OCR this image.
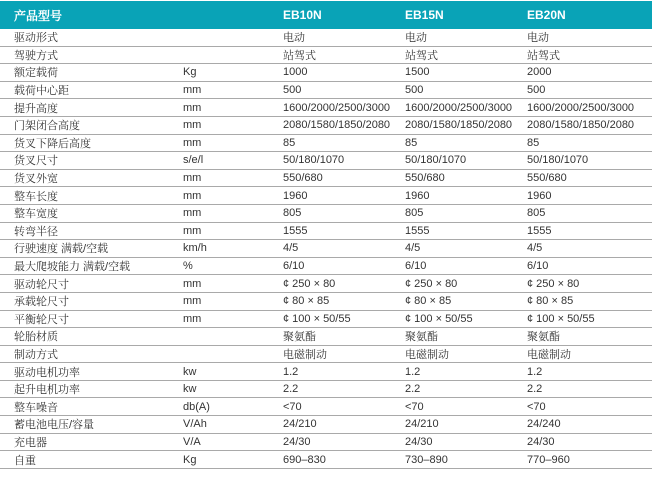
产品型号		EB10N	EB15N	EB20N
驱动形式		电动	电动	电动
驾驶方式		站驾式	站驾式	站驾式
额定载荷	Kg	1000	1500	2000
载荷中心距	mm	500	500	500
提升高度	mm	1600/2000/2500/3000	1600/2000/2500/3000	1600/2000/2500/3000
门架闭合高度	mm	2080/1580/1850/2080	2080/1580/1850/2080	2080/1580/1850/2080
货叉下降后高度	mm	85	85	85
货叉尺寸	s/e/l	50/180/1070	50/180/1070	50/180/1070
货叉外宽	mm	550/680	550/680	550/680
整车长度	mm	1960	1960	1960
整车宽度	mm	805	805	805
转弯半径	mm	1555	1555	1555
行驶速度 满载/空载	km/h	4/5	4/5	4/5
最大爬坡能力 满载/空载	%	6/10	6/10	6/10
驱动轮尺寸	mm	¢ 250 × 80	¢ 250 × 80	¢ 250 × 80
承载轮尺寸	mm	¢ 80 × 85	¢ 80 × 85	¢ 80 × 85
平衡轮尺寸	mm	¢ 100 × 50/55	¢ 100 × 50/55	¢ 100 × 50/55
轮胎材质		聚氨酯	聚氨酯	聚氨酯
制动方式		电磁制动	电磁制动	电磁制动
驱动电机功率	kw	1.2	1.2	1.2
起升电机功率	kw	2.2	2.2	2.2
整车噪音	db(A)	<70	<70	<70
蓄电池电压/容量	V/Ah	24/210	24/210	24/240
充电器	V/A	24/30	24/30	24/30
自重	Kg	690–830	730–890	770–960
